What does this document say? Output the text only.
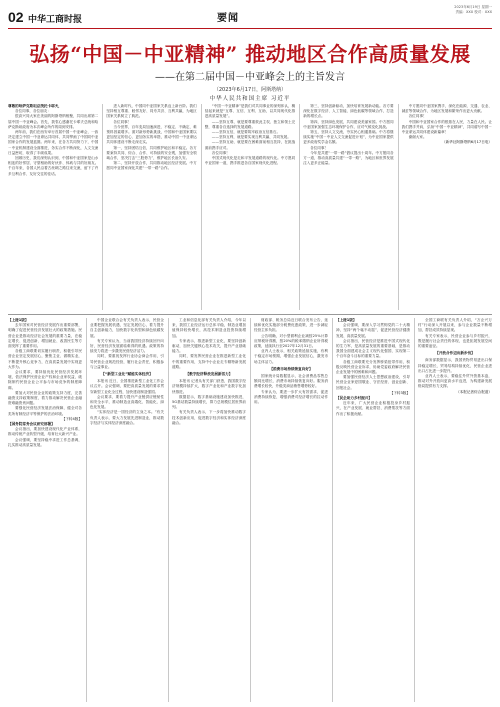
02 中华工商时报	要闻
2023年6月19日 星期一
责编：XXX 校对：XXX
弘扬“中国－中亚精神” 推动地区合作高质量发展
——在第二届中国－中亚峰会上的主旨发言
（2023年6月17日，阿斯塔纳）
中华人民共和国主席 习近平

尊敬的哈萨克斯坦总统托卡耶夫，

各位同事，各位朋友：

很高兴同大家在美丽的阿斯塔纳相聚，共同出席第二届中国－中亚峰会。首先，我衷心感谢托卡耶夫总统和哈萨克斯坦政府为本次峰会所作的周到安排。

两年前，我们在西安举行首届中国－中亚峰会，一致决定建立中国－中亚命运共同体，共同擘画了中国同中亚国家合作的发展蓝图。两年来，在各方共同努力下，中国－中亚机制建设全面推进，务实合作不断深化，人文交流日益密切，取得了丰硕成果。

回顾历史，我们深刻认识到，中国和中亚国家是山水相连的好邻居、守望相助的好伙伴、休戚与共的好朋友。千百年来，各国人民沿着古丝绸之路往来交流，留下了许多互利合作、友好交往的佳话。

进入新时代，中国同中亚国家关系迈上新台阶。我们坚持相互尊重、睦邻友好、同舟共济、互利共赢，为地区国家关系树立了典范。

各位同事！

当今世界，百年变局加速演进，不稳定、不确定、难预料因素增多。面对新形势新挑战，中国和中亚国家要以更加坚定的信心、更加务实的举措，推动中国－中亚命运共同体建设不断走深走实。

第一，坚持团结互信，共同维护地区和平稳定。各方要秉持共同、综合、合作、可持续的安全观，加强安全领域合作，坚决打击“三股势力”，维护地区长治久安。

第二，坚持开放合作，共同推动地区经济发展。中方愿同中亚国家深化共建“一带一路”合作。

“中国－中亚精神”是我们对共同事业的深刻体认，概括起来就是“互尊、互信、互利、互助，以共同现代化推进高质量发展”。

——坚持互尊，就是要尊重彼此主权、独立和领土完整，尊重各自选择的发展道路。

——坚持互信，就是要筑牢政治互信基石。

——坚持互利，就是要实现互利共赢、共同发展。

——坚持互助，就是要在困难面前相互扶持，在挑战面前携手应对。

各位同事！

中国式现代化是走和平发展道路的现代化。中方愿同中亚国家一道，携手推进各自国家现代化进程。

第三，坚持创新驱动，加快培育发展新动能。各方要深化在数字经济、人工智能、绿色低碳等领域合作，打造新的增长点。

第四，坚持绿色发展，共同建设美丽家园。中方愿同中亚国家加强生态环境保护合作，应对气候变化挑战。

第五，坚持人文交流，夯实民心相通基础。中方将继续实施“中国－中亚人文交流促进计划”，为中亚国家提供更多政府奖学金名额。

各位同事！

今年是共建“一带一路”倡议提出十周年。中方愿同各方一道，推动高质量共建“一带一路”，为地区和世界发展注入更多正能量。

中方愿同中亚国家携手，深化在能源、交通、农业、减贫等领域合作，为地区发展和繁荣作出更大贡献。

各位同事！

中国和中亚国家合作的根基在人民，力量在人民。让我们携手并肩，弘扬“中国－中亚精神”，共同谱写中国－中亚命运共同体建设新篇章！

谢谢大家。

（新华社阿斯塔纳6月17日电）

【上接1版】

去年国家对民营经济发展作出重要部署，明确了促进民营经济发展壮大的政策措施。民营企业是推动经济社会发展的重要力量，在稳定增长、促进创新、增加就业、改善民生等方面发挥了重要作用。

各级工商联要切实履行职责，积极引导民营企业坚定发展信心，聚焦主业、做精实业，不断提升核心竞争力，在高质量发展中实现更大作为。

会议要求，要持续优化民营经济发展环境，依法保护民营企业产权和企业家权益，破除制约民营企业公平参与市场竞争的制度障碍。

要加大对民营企业的政策支持力度，完善融资支持政策制度，着力推动解决民营企业融资难融资贵问题。

要强化民营经济发展法治保障，健全对各类所有制经济平等保护的法治环境。

【下转4版】

【国务院常务会议研究部署】

会议指出，要加快建设现代化产业体系，推动传统产业转型升级，培育壮大新兴产业。

会议强调，要坚持稳中求进工作总基调，扎实推动高质量发展。

中国企业联合会有关负责人表示，民营企业要把握发展机遇，坚定发展信心，着力提升自主创新能力，加快数字化转型和绿色低碳发展。

有关专家认为，当前我国经济持续回升向好，民营经济发展面临难得的机遇。政策的持续发力将进一步激发民营经济活力。

同时，要重视发挥行业协会商会作用，引导民营企业规范经营，履行社会责任，积极参与公益事业。

【“新型工业化”赋能实体经济】

本报讯 近日，全国推进新型工业化工作会议召开。会议强调，要把高质量发展的要求贯穿新型工业化全过程，加快建设制造强国。

会议要求，要着力提升产业链供应链韧性和安全水平，推动制造业高端化、智能化、绿色化发展。

“实体经济是一国经济的立身之本。”有关负责人表示，要大力发展先进制造业，推动数字经济与实体经济深度融合。

工业和信息化部有关负责人介绍，今年以来，我国工业经济运行总体平稳，制造业增加值保持较快增长，高技术制造业投资持续增加。

专家表示，推进新型工业化，要坚持创新驱动，加快关键核心技术攻关，提升产业基础能力。

同时，要发挥民营企业在推进新型工业化中的重要作用，支持中小企业走专精特新发展道路。

【数字经济释放发展新活力】

本报讯 记者从有关部门获悉，我国数字经济规模持续扩大，数字产业化和产业数字化加快推进。

数据显示，数字基础设施建设加快推进，5G基站数量持续增长，算力总规模位居世界前列。

有关负责人表示，下一步将加快推动数字技术创新应用，促进数字经济和实体经济深度融合。

财政部、税务总局近日联合发布公告，延续和优化实施部分税费优惠政策，进一步减轻经营主体负担。

公告明确，对小型微利企业减按25%计算应纳税所得额，按20%的税率缴纳企业所得税政策，延续执行至2027年12月31日。

业内人士表示，相关政策延续实施，有利于稳定市场预期，增强企业发展信心，激发市场主体活力。

【消费市场持续恢复向好】

国家统计局数据显示，社会消费品零售总额同比增长，消费市场持续恢复向好。服务消费增长较快，升级类商品销售增势较好。

专家认为，要进一步扩大有效需求，促进消费持续恢复，增强消费对经济增长的拉动作用。

【上接1版】

会议强调，要深入学习贯彻党的二十大精神，坚持“两个毫不动摇”，促进民营经济健康发展、高质量发展。

会议指出，民营经济是推进中国式现代化的生力军，是高质量发展的重要基础，是推动我国全面建成社会主义现代化强国、实现第二个百年奋斗目标的重要力量。

各级工商联要充分发挥桥梁纽带作用，积极反映民营企业诉求，协助党委政府解决民营企业发展中的困难和问题。

要加强民营经济人士思想政治建设，引导民营企业家爱国敬业、守法经营、创业创新、回报社会。

【下转3版】

【民企助力乡村振兴】

近年来，广大民营企业积极投身乡村振兴，在产业发展、就业帮扶、消费帮扶等方面作出了积极贡献。

全国工商联有关负责人介绍，“万企兴万村”行动深入开展以来，参与企业数量不断增加，帮扶成效持续显现。

有关专家表示，民营企业参与乡村振兴，既是履行社会责任的体现，也是拓展发展空间的重要途径。

【开放合作迈出新步伐】

商务部数据显示，我国货物贸易进出口保持稳定增长，贸易结构持续优化，民营企业进出口占比进一步提升。

业内人士表示，要稳住外贸外资基本盘，推动对外开放向更高水平迈进，为构建新发展格局提供有力支撑。

（本报记者综合报道）
